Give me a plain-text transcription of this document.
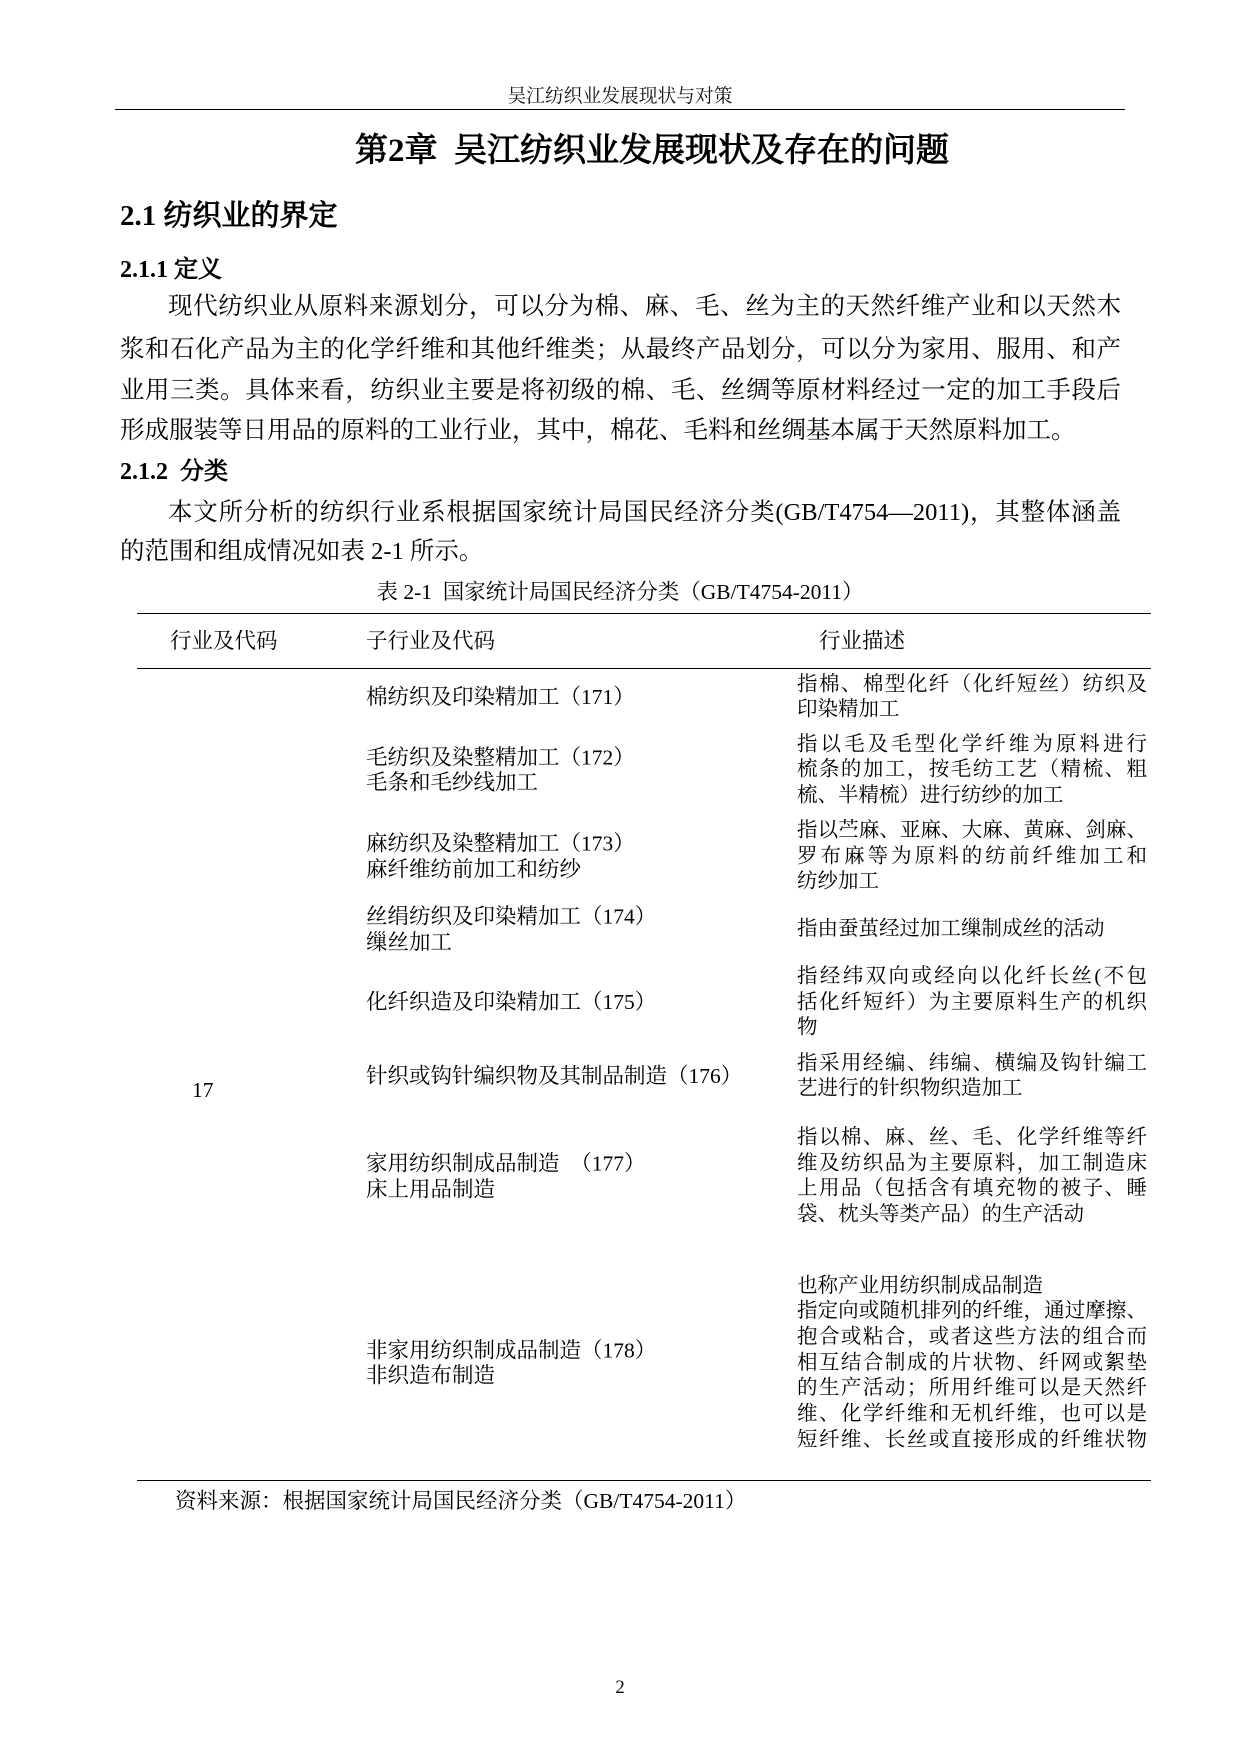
吴江纺织业发展现状与对策
第2章  吴江纺织业发展现状及存在的问题
2.1 纺织业的界定
2.1.1 定义
现代纺织业从原料来源划分，可以分为棉、麻、毛、丝为主的天然纤维产业和以天然木
浆和石化产品为主的化学纤维和其他纤维类；从最终产品划分，可以分为家用、服用、和产
业用三类。具体来看，纺织业主要是将初级的棉、毛、丝绸等原材料经过一定的加工手段后
形成服装等日用品的原料的工业行业，其中，棉花、毛料和丝绸基本属于天然原料加工。
2.1.2  分类
本文所分析的纺织行业系根据国家统计局国民经济分类(GB/T4754—2011)，其整体涵盖
的范围和组成情况如表 2-1 所示。
表 2-1  国家统计局国民经济分类（GB/T4754-2011）
行业及代码	子行业及代码	行业描述
17
棉纺织及印染精加工（171）
指棉、棉型化纤（化纤短丝）纺织及
印染精加工
毛纺织及染整精加工（172）
毛条和毛纱线加工
指以毛及毛型化学纤维为原料进行
梳条的加工，按毛纺工艺（精梳、粗
梳、半精梳）进行纺纱的加工
麻纺织及染整精加工（173）
麻纤维纺前加工和纺纱
指以苎麻、亚麻、大麻、黄麻、剑麻、
罗布麻等为原料的纺前纤维加工和
纺纱加工
丝绢纺织及印染精加工（174）
缫丝加工
指由蚕茧经过加工缫制成丝的活动
化纤织造及印染精加工（175）
指经纬双向或经向以化纤长丝(不包
括化纤短纤）为主要原料生产的机织
物
针织或钩针编织物及其制品制造（176）
指采用经编、纬编、横编及钩针编工
艺进行的针织物织造加工
家用纺织制成品制造　（177）
床上用品制造
指以棉、麻、丝、毛、化学纤维等纤
维及纺织品为主要原料，加工制造床
上用品（包括含有填充物的被子、睡
袋、枕头等类产品）的生产活动
非家用纺织制成品制造（178）
非织造布制造
也称产业用纺织制成品制造
指定向或随机排列的纤维，通过摩擦、
抱合或粘合，或者这些方法的组合而
相互结合制成的片状物、纤网或絮垫
的生产活动；所用纤维可以是天然纤
维、化学纤维和无机纤维，也可以是
短纤维、长丝或直接形成的纤维状物
资料来源：根据国家统计局国民经济分类（GB/T4754-2011）
2
